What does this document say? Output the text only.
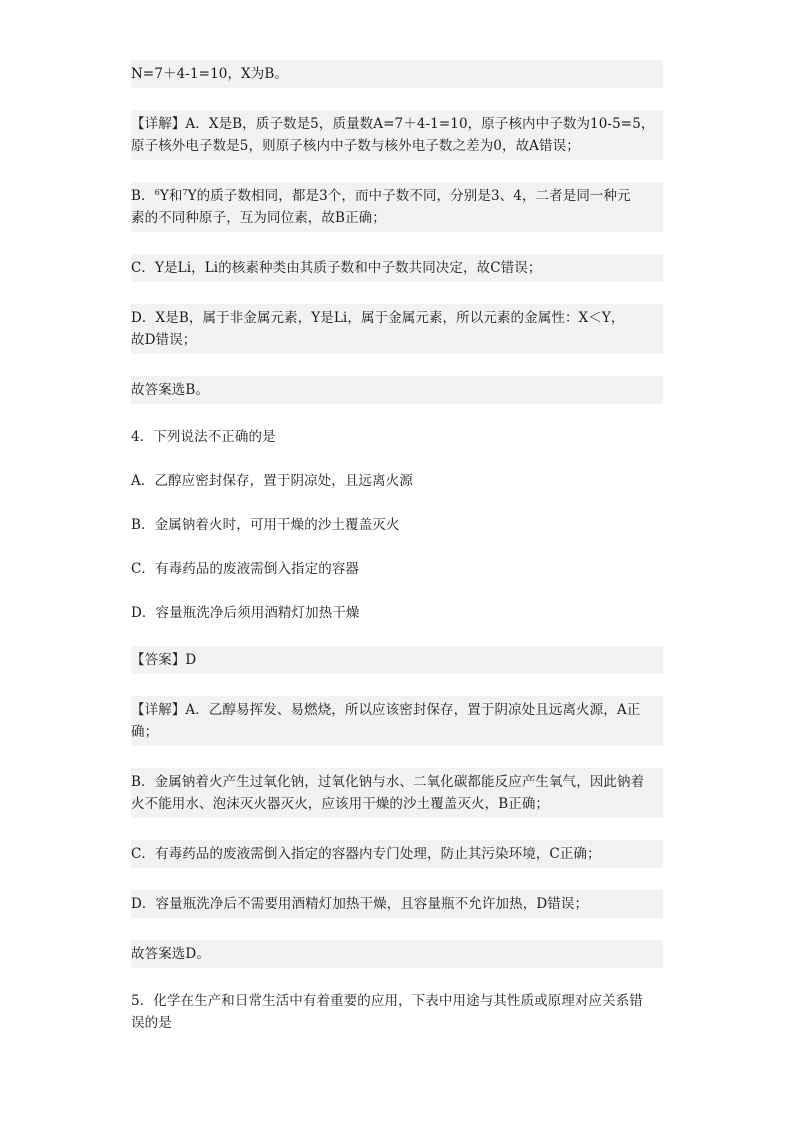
N=7＋4-1=10，X为B。
【详解】A．X是B，质子数是5，质量数A=7＋4-1=10，原子核内中子数为10-5=5，
原子核外电子数是5，则原子核内中子数与核外电子数之差为0，故A错误；
B．$^6$Y和$^7$Y的质子数相同，都是3个，而中子数不同，分别是3、4，二者是同一种元
素的不同种原子，互为同位素，故B正确；
C．Y是Li，Li的核素种类由其质子数和中子数共同决定，故C错误；
D．X是B，属于非金属元素，Y是Li，属于金属元素，所以元素的金属性：X＜Y，
故D错误；
故答案选B。
4．下列说法不正确的是
A．乙醇应密封保存，置于阴凉处，且远离火源
B．金属钠着火时，可用干燥的沙土覆盖灭火
C．有毒药品的废液需倒入指定的容器
D．容量瓶洗净后须用酒精灯加热干燥
【答案】D
【详解】A．乙醇易挥发、易燃烧，所以应该密封保存，置于阴凉处且远离火源，A正
确；
B．金属钠着火产生过氧化钠，过氧化钠与水、二氧化碳都能反应产生氧气，因此钠着
火不能用水、泡沫灭火器灭火，应该用干燥的沙土覆盖灭火，B正确；
C．有毒药品的废液需倒入指定的容器内专门处理，防止其污染环境，C正确；
D．容量瓶洗净后不需要用酒精灯加热干燥，且容量瓶不允许加热，D错误；
故答案选D。
5．化学在生产和日常生活中有着重要的应用，下表中用途与其性质或原理对应关系错
误的是
